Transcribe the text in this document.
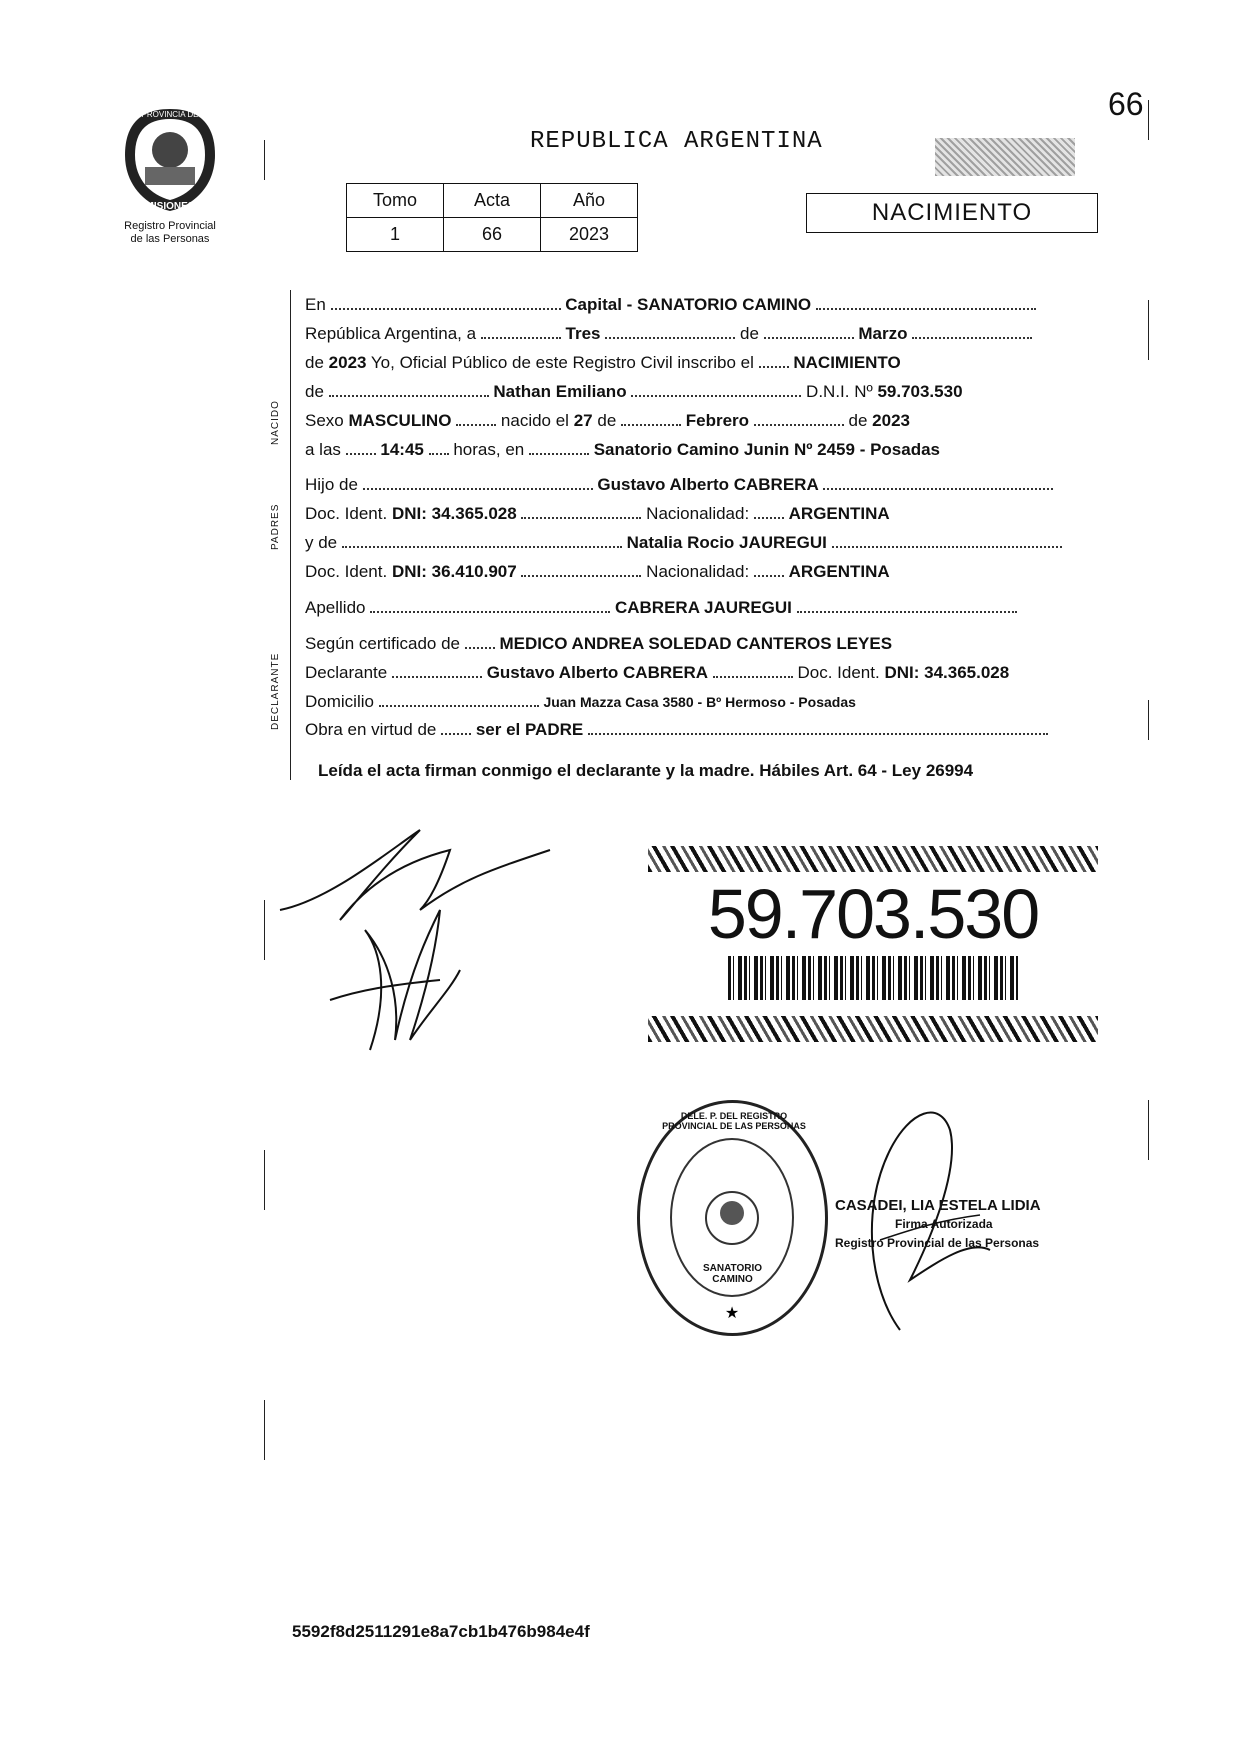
66
PROVINCIA DE
MISIONES
Registro Provincial
de las Personas
REPUBLICA ARGENTINA
Tomo	Acta	Año
1	66	2023
NACIMIENTO
NACIDO
PADRES
DECLARANTE
En	Capital - SANATORIO CAMINO
República Argentina, a	Tres	de	Marzo
de 2023 Yo, Oficial Público de este Registro Civil inscribo el NACIMIENTO
de	Nathan Emiliano	D.N.I. Nº 59.703.530
Sexo MASCULINO	nacido el 27 de	Febrero	de 2023
a las 14:45 horas, en	Sanatorio Camino Junin Nº 2459 - Posadas
Hijo de	Gustavo Alberto CABRERA
Doc. Ident. DNI: 34.365.028	Nacionalidad: ARGENTINA
y de	Natalia Rocio JAUREGUI
Doc. Ident. DNI: 36.410.907	Nacionalidad: ARGENTINA
Apellido	CABRERA JAUREGUI
Según certificado de MEDICO ANDREA SOLEDAD CANTEROS LEYES
Declarante	Gustavo Alberto CABRERA	Doc. Ident. DNI: 34.365.028
Domicilio	Juan Mazza Casa 3580 - Bº Hermoso - Posadas
Obra en virtud de ser el PADRE
Leída el acta firman conmigo el declarante y la madre. Hábiles Art. 64 - Ley 26994
59.703.530
★
DELE. P. DEL REGISTRO PROVINCIAL DE LAS PERSONAS
SANATORIO CAMINO
CASADEI, LIA ESTELA LIDIA
Firma Autorizada
Registro Provincial de las Personas
5592f8d2511291e8a7cb1b476b984e4f
